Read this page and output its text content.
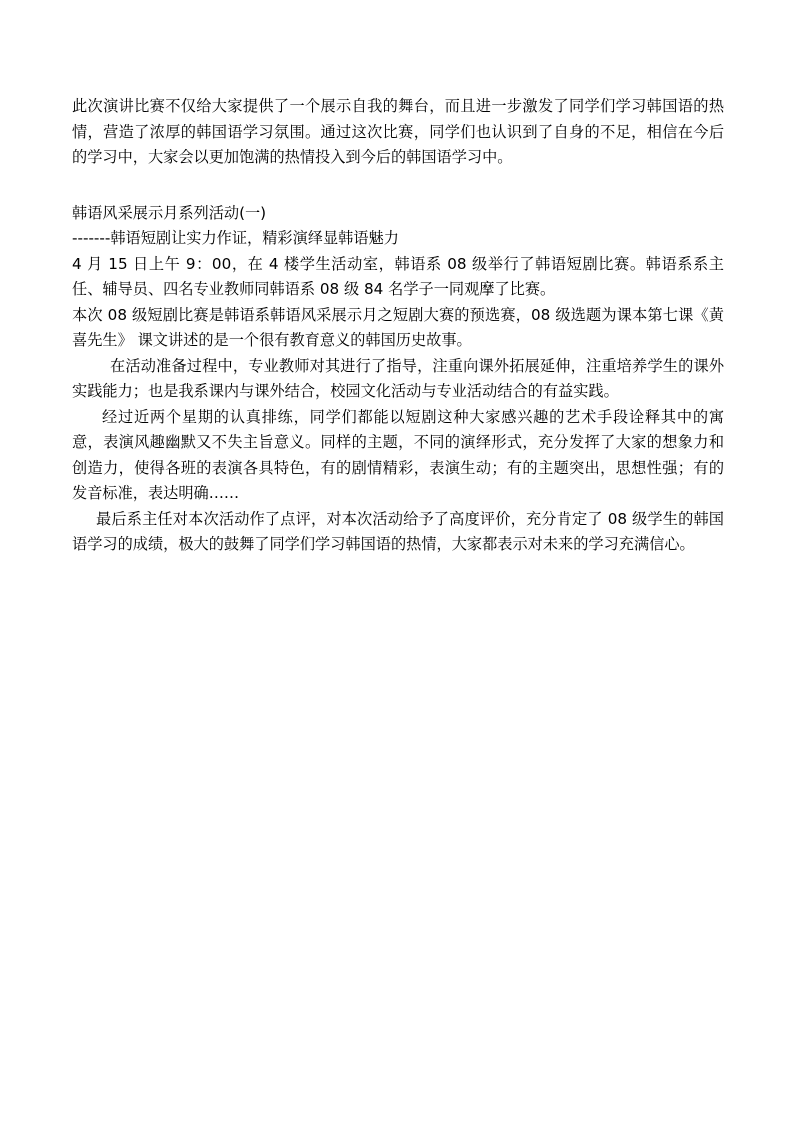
此次演讲比赛不仅给大家提供了一个展示自我的舞台，而且进一步激发了同学们学习韩国语的热情，营造了浓厚的韩国语学习氛围。通过这次比赛，同学们也认识到了自身的不足，相信在今后的学习中，大家会以更加饱满的热情投入到今后的韩国语学习中。

韩语风采展示月系列活动(一)

-------韩语短剧让实力作证，精彩演绎显韩语魅力

4 月 15 日上午 9：00，在 4 楼学生活动室，韩语系 08 级举行了韩语短剧比赛。韩语系系主任、辅导员、四名专业教师同韩语系 08 级 84 名学子一同观摩了比赛。

本次 08 级短剧比赛是韩语系韩语风采展示月之短剧大赛的预选赛，08 级选题为课本第七课《黄喜先生》 课文讲述的是一个很有教育意义的韩国历史故事。

在活动准备过程中，专业教师对其进行了指导，注重向课外拓展延伸，注重培养学生的课外实践能力；也是我系课内与课外结合，校园文化活动与专业活动结合的有益实践。

经过近两个星期的认真排练，同学们都能以短剧这种大家感兴趣的艺术手段诠释其中的寓意，表演风趣幽默又不失主旨意义。同样的主题，不同的演绎形式，充分发挥了大家的想象力和创造力，使得各班的表演各具特色，有的剧情精彩，表演生动；有的主题突出，思想性强；有的发音标准，表达明确……

最后系主任对本次活动作了点评，对本次活动给予了高度评价，充分肯定了 08 级学生的韩国语学习的成绩，极大的鼓舞了同学们学习韩国语的热情，大家都表示对未来的学习充满信心。
